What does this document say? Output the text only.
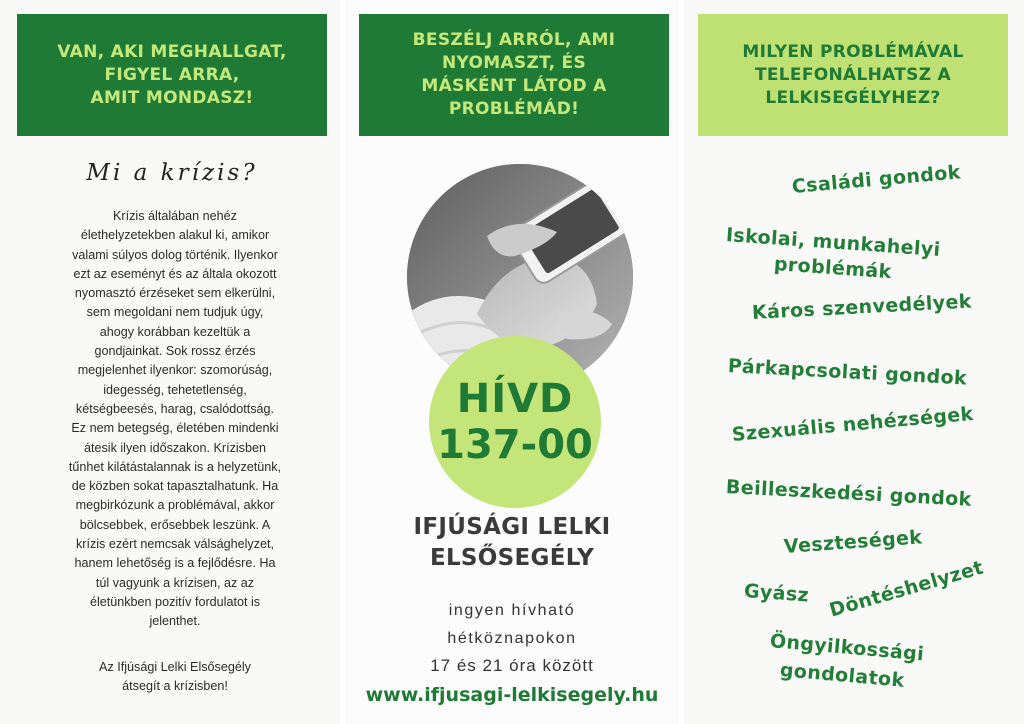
VAN, AKI MEGHALLGAT,
FIGYEL ARRA,
AMIT MONDASZ!
Mi a krízis?
Krízis általában nehéz
élethelyzetekben alakul ki, amikor
valami súlyos dolog történik. Ilyenkor
ezt az eseményt és az általa okozott
nyomasztó érzéseket sem elkerülni,
sem megoldani nem tudjuk úgy,
ahogy korábban kezeltük a
gondjainkat. Sok rossz érzés
megjelenhet ilyenkor: szomorúság,
idegesség, tehetetlenség,
kétségbeesés, harag, csalódottság.
Ez nem betegség, életében mindenki
átesik ilyen időszakon. Krízisben
tűnhet kilátástalannak is a helyzetünk,
de közben sokat tapasztalhatunk. Ha
megbirkózunk a problémával, akkor
bölcsebbek, erősebbek leszünk. A
krízis ezért nemcsak válsághelyzet,
hanem lehetőség is a fejlődésre. Ha
túl vagyunk a krízisen, az az
életünkben pozitív fordulatot is
jelenthet.
Az Ifjúsági Lelki Elsősegély
átsegít a krízisben!
BESZÉLJ ARRÓL, AMI
NYOMASZT, ÉS
MÁSKÉNT LÁTOD A
PROBLÉMÁD!
HÍVD
137-00
IFJÚSÁGI LELKI
ELSŐSEGÉLY
ingyen hívható
hétköznapokon
17 és 21 óra között
www.ifjusagi-lelkisegely.hu
MILYEN PROBLÉMÁVAL
TELEFONÁLHATSZ A
LELKISEGÉLYHEZ?
Családi gondok
Iskolai, munkahelyi
problémák
Káros szenvedélyek
Párkapcsolati gondok
Szexuális nehézségek
Beilleszkedési gondok
Veszteségek
Gyász Döntéshelyzet
Öngyilkossági
gondolatok
